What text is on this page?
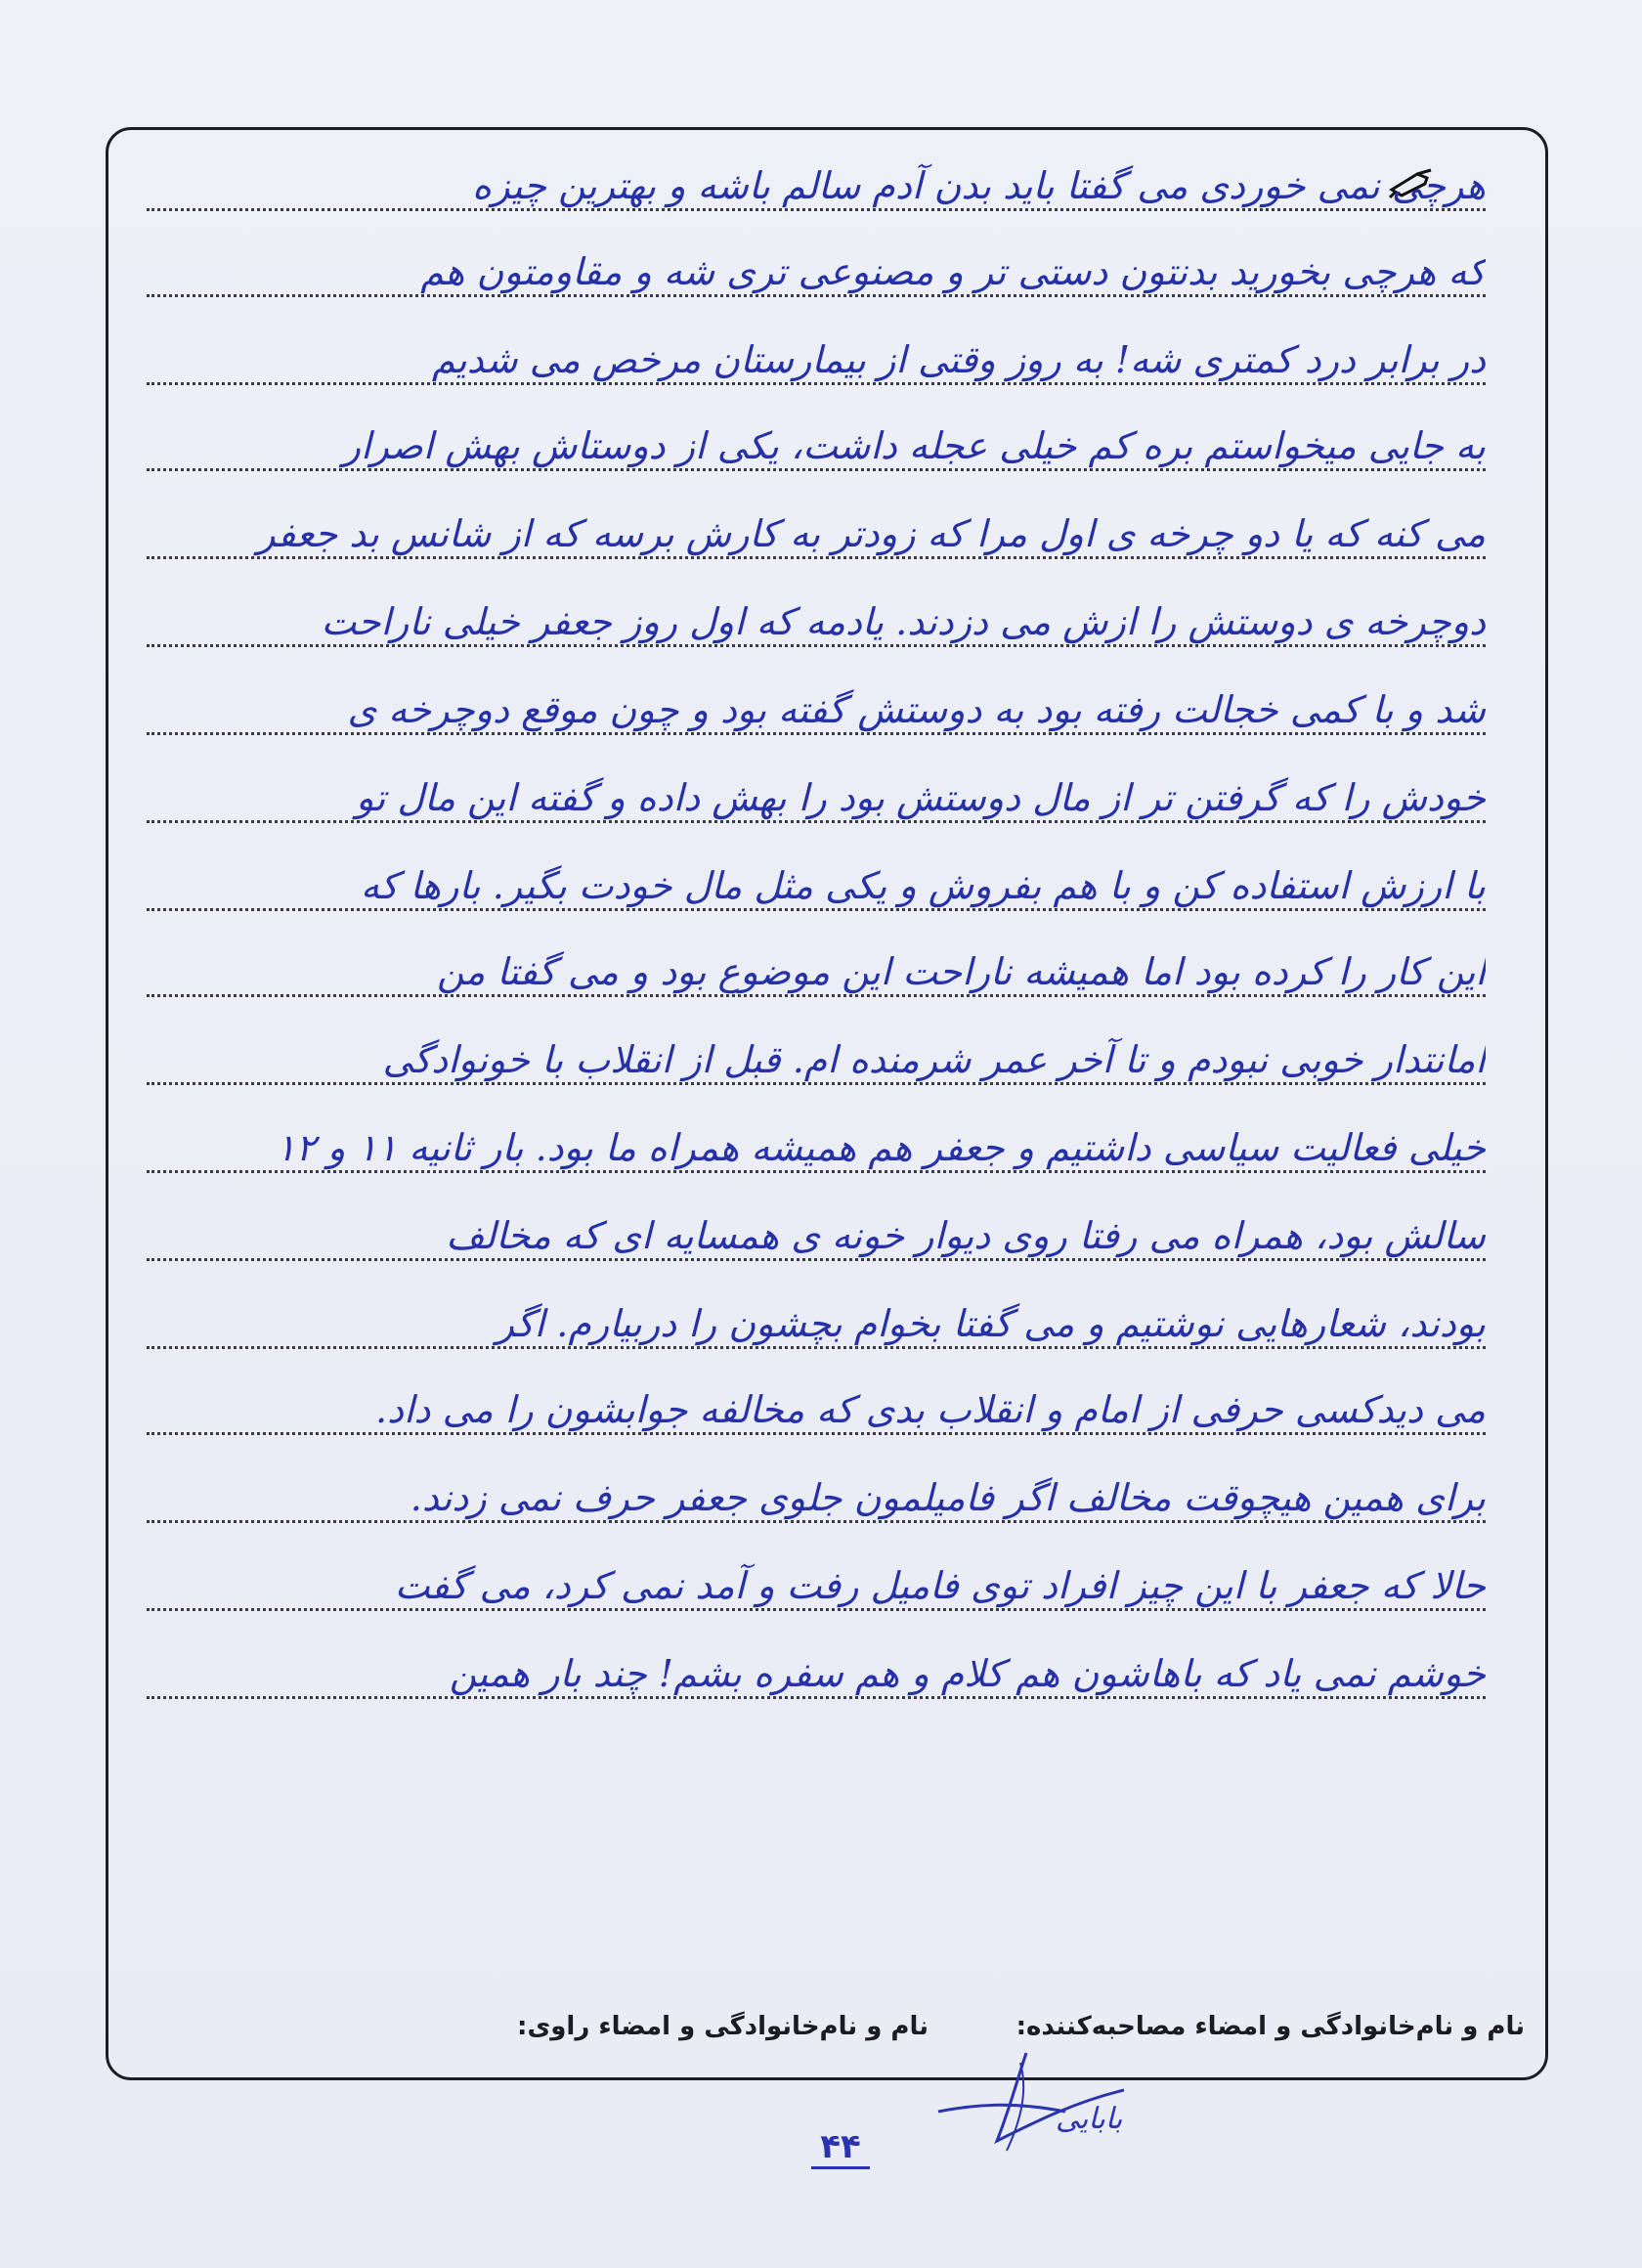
هرچی نمی خوردی می گفتا باید بدن آدم سالم باشه و بهترین چیزه
که هرچی بخورید بدنتون دستی تر و مصنوعی تری شه و مقاومتون هم
در برابر درد کمتری شه! به روز وقتی از بیمارستان مرخص می شدیم
به جایی میخواستم بره کم خیلی عجله داشت، یکی از دوستاش بهش اصرار
می کنه که یا دو چرخه ی اول مرا که زودتر به کارش برسه که از شانس بد جعفر
دوچرخه ی دوستش را ازش می دزدند. یادمه که اول روز جعفر خیلی ناراحت
شد و با کمی خجالت رفته بود به دوستش گفته بود و چون موقع دوچرخه ی
خودش را که گرفتن تر از مال دوستش بود را بهش داده و گفته این مال تو
با ارزش استفاده کن و با هم بفروش و یکی مثل مال خودت بگیر. بارها که
این کار را کرده بود اما همیشه ناراحت این موضوع بود و می گفتا من
امانتدار خوبی نبودم و تا آخر عمر شرمنده ام. قبل از انقلاب با خونوادگی
خیلی فعالیت سیاسی داشتیم و جعفر هم همیشه همراه ما بود. بار ثانیه ۱۱ و ۱۲
سالش بود، همراه می رفتا روی دیوار خونه ی همسایه ای که مخالف
بودند، شعارهایی نوشتیم و می گفتا بخوام بچشون را دربیارم. اگر
می دیدکسی حرفی از امام و انقلاب بدی که مخالفه جوابشون را می داد.
برای همین هیچوقت مخالف اگر فامیلمون جلوی جعفر حرف نمی زدند.
حالا که جعفر با این چیز افراد توی فامیل رفت و آمد نمی کرد، می گفت
خوشم نمی یاد که باهاشون هم کلام و هم سفره بشم! چند بار همین
نام و نام‌خانوادگی و امضاء مصاحبه‌کننده:
نام و نام‌خانوادگی و امضاء راوی:
بابایی
۴۴
